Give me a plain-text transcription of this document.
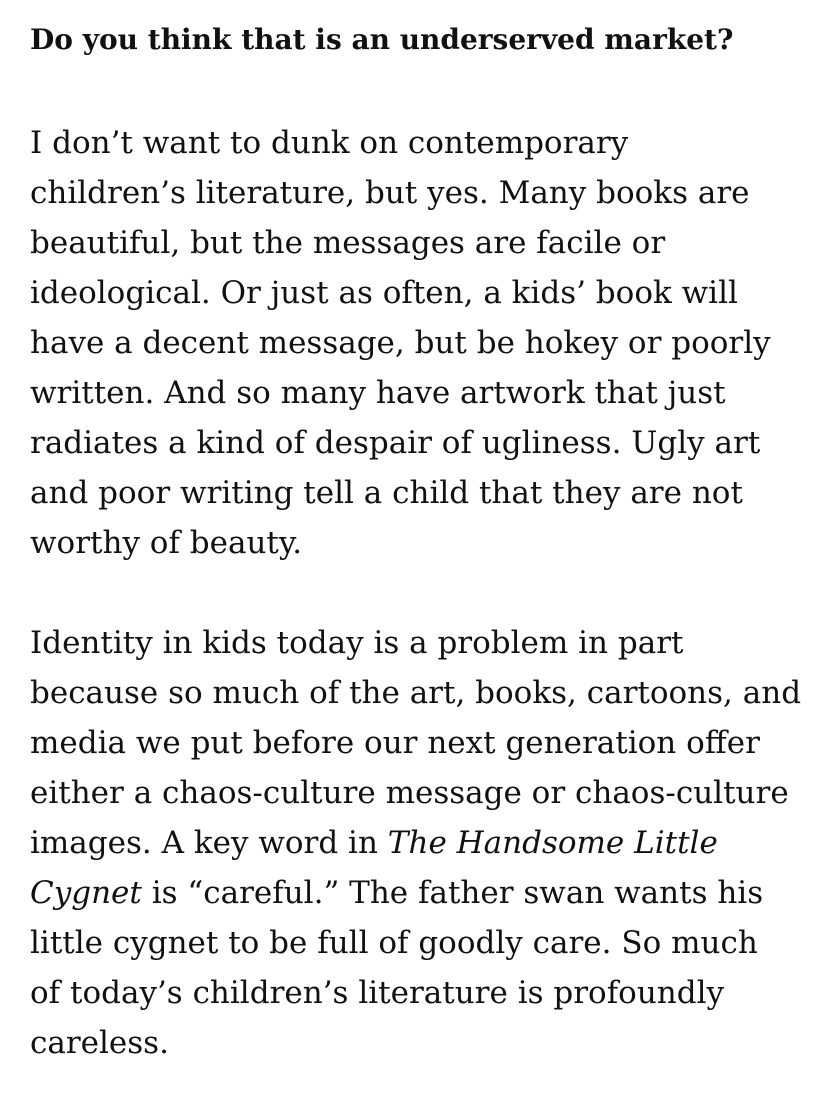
Do you think that is an underserved market?
I don’t want to dunk on contemporary
children’s literature, but yes. Many books are
beautiful, but the messages are facile or
ideological. Or just as often, a kids’ book will
have a decent message, but be hokey or poorly
written. And so many have artwork that just
radiates a kind of despair of ugliness. Ugly art
and poor writing tell a child that they are not
worthy of beauty.
Identity in kids today is a problem in part
because so much of the art, books, cartoons, and
media we put before our next generation offer
either a chaos-culture message or chaos-culture
images. A key word in The Handsome Little
Cygnet is “careful.” The father swan wants his
little cygnet to be full of goodly care. So much
of today’s children’s literature is profoundly
careless.
